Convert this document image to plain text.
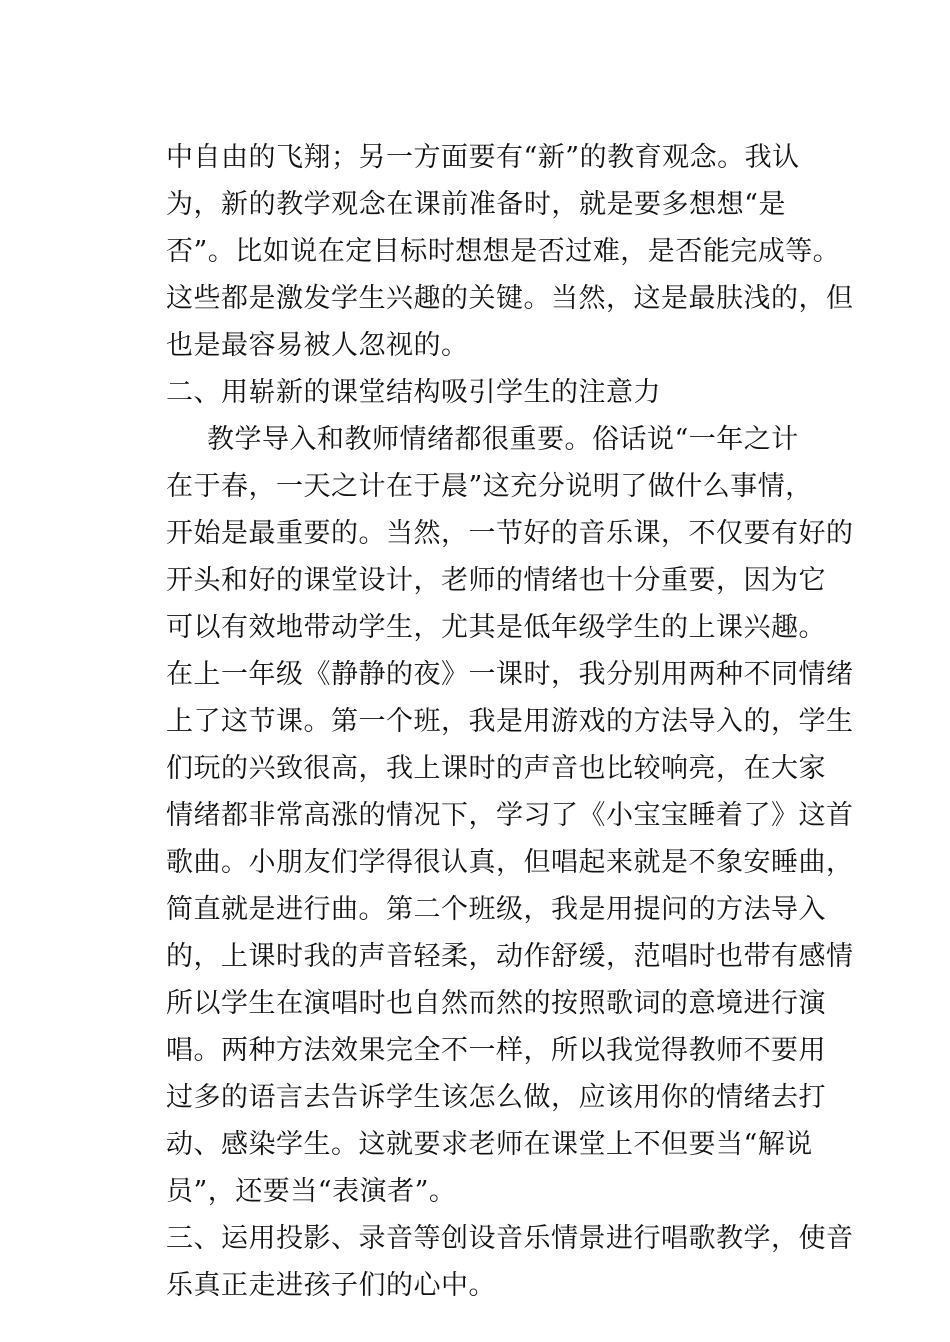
中自由的飞翔；另一方面要有“新”的教育观念。我认
为，新的教学观念在课前准备时，就是要多想想“是
否”。比如说在定目标时想想是否过难，是否能完成等。
这些都是激发学生兴趣的关键。当然，这是最肤浅的，但
也是最容易被人忽视的。
二、用崭新的课堂结构吸引学生的注意力
教学导入和教师情绪都很重要。俗话说“一年之计
在于春，一天之计在于晨”这充分说明了做什么事情，
开始是最重要的。当然，一节好的音乐课，不仅要有好的
开头和好的课堂设计，老师的情绪也十分重要，因为它
可以有效地带动学生，尤其是低年级学生的上课兴趣。
在上一年级《静静的夜》一课时，我分别用两种不同情绪
上了这节课。第一个班，我是用游戏的方法导入的，学生
们玩的兴致很高，我上课时的声音也比较响亮，在大家
情绪都非常高涨的情况下，学习了《小宝宝睡着了》这首
歌曲。小朋友们学得很认真，但唱起来就是不象安睡曲，
简直就是进行曲。第二个班级，我是用提问的方法导入
的，上课时我的声音轻柔，动作舒缓，范唱时也带有感情
所以学生在演唱时也自然而然的按照歌词的意境进行演
唱。两种方法效果完全不一样，所以我觉得教师不要用
过多的语言去告诉学生该怎么做，应该用你的情绪去打
动、感染学生。这就要求老师在课堂上不但要当“解说
员”，还要当“表演者”。
三、运用投影、录音等创设音乐情景进行唱歌教学，使音
乐真正走进孩子们的心中。
